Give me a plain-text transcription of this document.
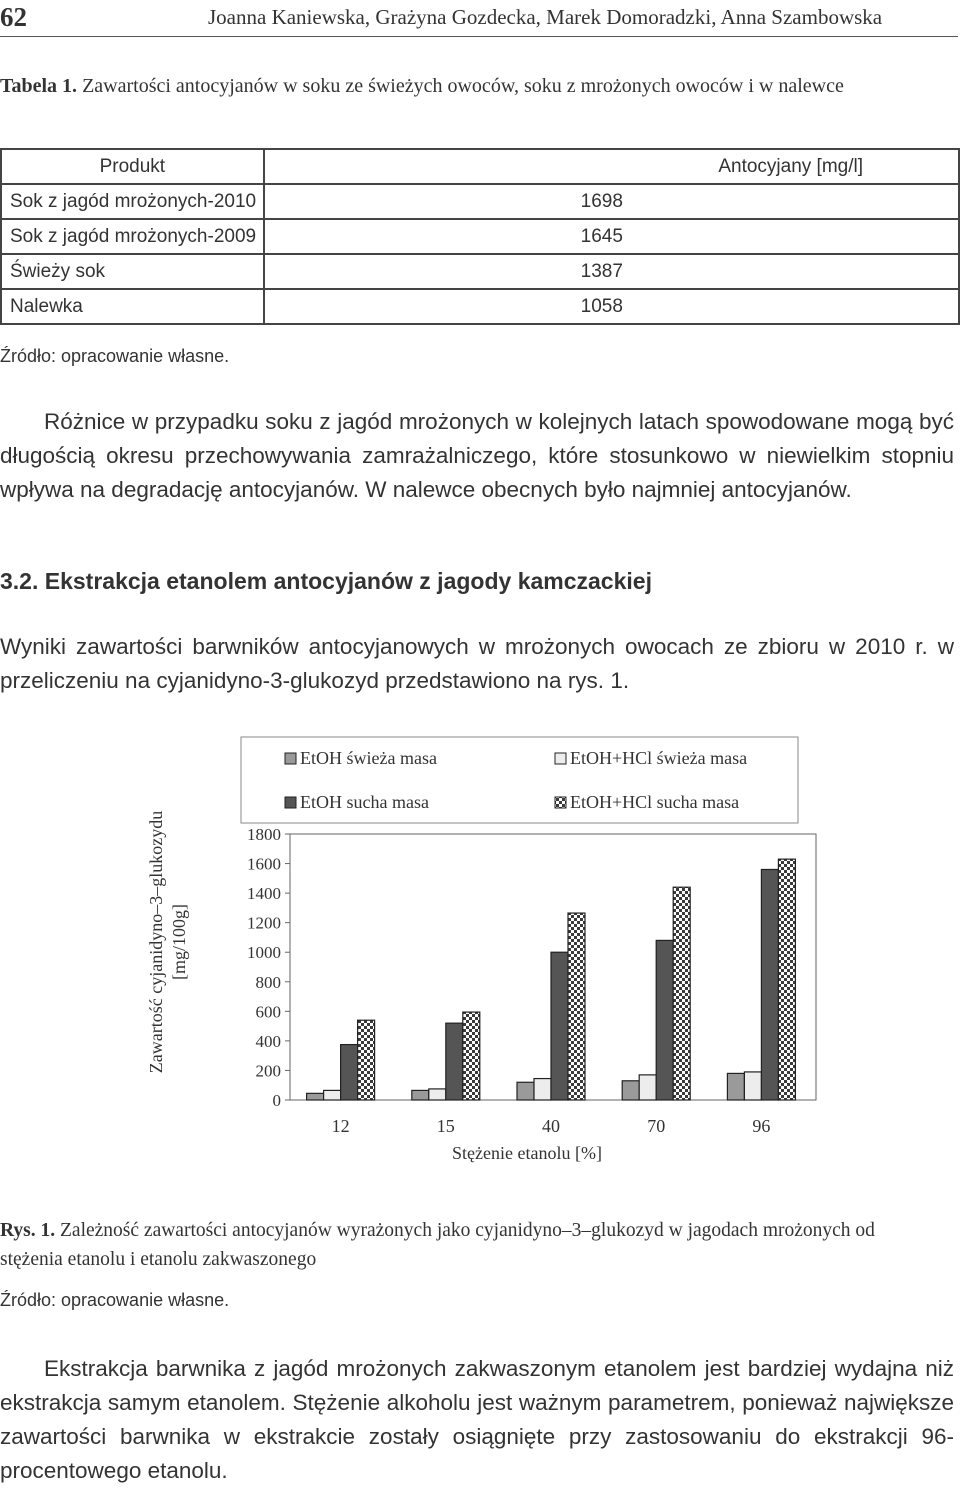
62	Joanna Kaniewska, Grażyna Gozdecka, Marek Domoradzki, Anna Szambowska
Tabela 1. Zawartości antocyjanów w soku ze świeżych owoców, soku z mrożonych owoców i w nalewce
Produkt	Antocyjany [mg/l]
Sok z jagód mrożonych-2010	1698
Sok z jagód mrożonych-2009	1645
Świeży sok	1387
Nalewka	1058
Źródło: opracowanie własne.
Różnice w przypadku soku z jagód mrożonych w kolejnych latach spowodowane mogą być długością okresu przechowywania zamrażalniczego, które stosunkowo w niewielkim stopniu wpływa na degradację antocyjanów. W nalewce obecnych było najmniej antocyjanów.
3.2. Ekstrakcja etanolem antocyjanów z jagody kamczackiej
Wyniki zawartości barwników antocyjanowych w mrożonych owocach ze zbioru w 2010 r. w przeliczeniu na cyjanidyno-3-glukozyd przedstawiono na rys. 1.
EtOH świeża masa	EtOH+HCl świeża masa
EtOH sucha masa	EtOH+HCl sucha masa
0
200
400
600
800
1000
1200
1400
1600
1800
12	15	40	70	96
Stężenie etanolu [%]
Zawartość cyjanidyno–3–glukozydu [mg/100g]
Rys. 1. Zależność zawartości antocyjanów wyrażonych jako cyjanidyno–3–glukozyd w jagodach mrożonych od stężenia etanolu i etanolu zakwaszonego
Źródło: opracowanie własne.
Ekstrakcja barwnika z jagód mrożonych zakwaszonym etanolem jest bardziej wydajna niż ekstrakcja samym etanolem. Stężenie alkoholu jest ważnym parametrem, ponieważ największe zawartości barwnika w ekstrakcie zostały osiągnięte przy zastosowaniu do ekstrakcji 96-procentowego etanolu.
